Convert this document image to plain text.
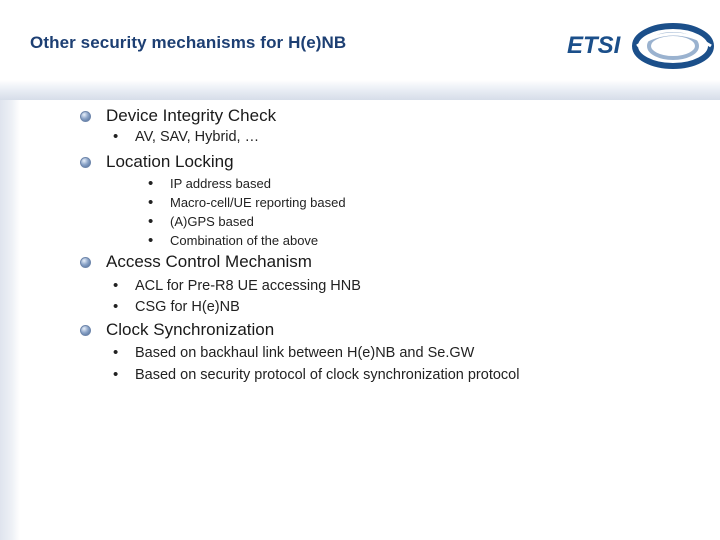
Other security mechanisms for H(e)NB	ETSI
Device Integrity Check
•	AV, SAV, Hybrid, …
Location Locking
•	IP address based
•	Macro-cell/UE reporting based
•	(A)GPS based
•	Combination of the above
Access Control Mechanism
•	ACL for Pre-R8 UE accessing HNB
•	CSG for H(e)NB
Clock Synchronization
•	Based on backhaul link between H(e)NB and Se.GW
•	Based on security protocol of clock synchronization protocol
